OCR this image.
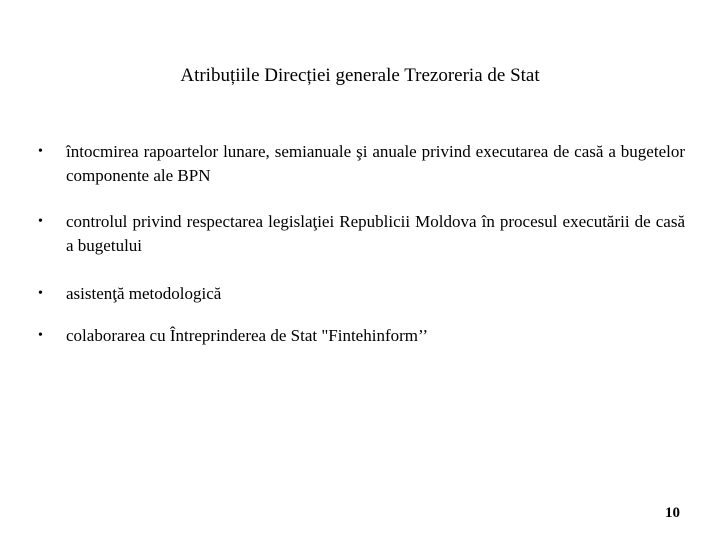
Atribuțiile Direcției generale Trezoreria de Stat
• întocmirea rapoartelor lunare, semianuale şi anuale privind executarea de casă a bugetelor componente ale BPN
• controlul privind respectarea legislaţiei Republicii Moldova în procesul executării de casă a bugetului
• asistenţă metodologică
• colaborarea cu Întreprinderea de Stat "Fintehinform’’
10
